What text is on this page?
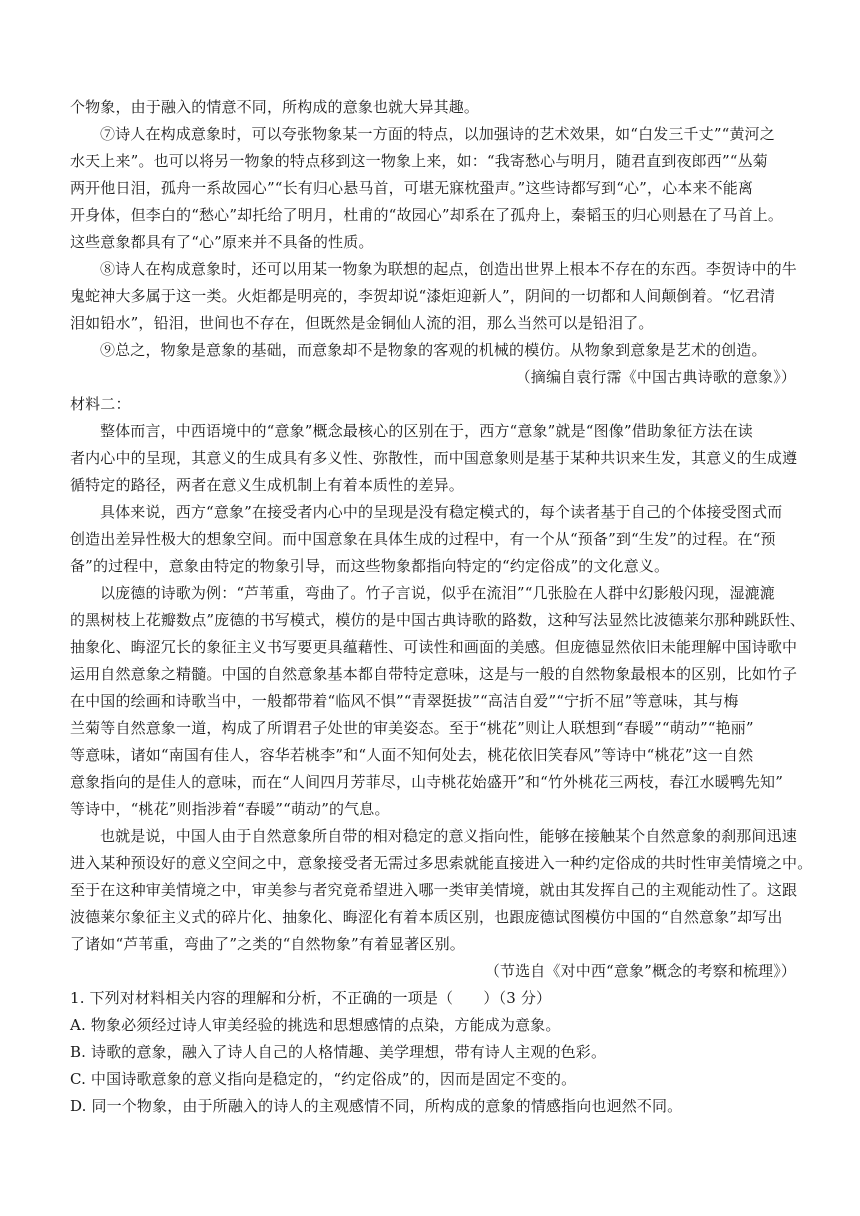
个物象，由于融入的情意不同，所构成的意象也就大异其趣。
⑦诗人在构成意象时，可以夸张物象某一方面的特点，以加强诗的艺术效果，如“白发三千丈”“黄河之
水天上来”。也可以将另一物象的特点移到这一物象上来，如：“我寄愁心与明月，随君直到夜郎西”“丛菊
两开他日泪，孤舟一系故园心”“长有归心悬马首，可堪无寐枕蛩声。”这些诗都写到“心”，心本来不能离
开身体，但李白的“愁心”却托给了明月，杜甫的“故园心”却系在了孤舟上，秦韬玉的归心则悬在了马首上。
这些意象都具有了“心”原来并不具备的性质。
⑧诗人在构成意象时，还可以用某一物象为联想的起点，创造出世界上根本不存在的东西。李贺诗中的牛
鬼蛇神大多属于这一类。火炬都是明亮的，李贺却说“漆炬迎新人”，阴间的一切都和人间颠倒着。“忆君清
泪如铅水”，铅泪，世间也不存在，但既然是金铜仙人流的泪，那么当然可以是铅泪了。
⑨总之，物象是意象的基础，而意象却不是物象的客观的机械的模仿。从物象到意象是艺术的创造。
（摘编自袁行霈《中国古典诗歌的意象》）
材料二：
整体而言，中西语境中的“意象”概念最核心的区别在于，西方“意象”就是“图像”借助象征方法在读
者内心中的呈现，其意义的生成具有多义性、弥散性，而中国意象则是基于某种共识来生发，其意义的生成遵
循特定的路径，两者在意义生成机制上有着本质性的差异。
具体来说，西方“意象”在接受者内心中的呈现是没有稳定模式的，每个读者基于自己的个体接受图式而
创造出差异性极大的想象空间。而中国意象在具体生成的过程中，有一个从“预备”到“生发”的过程。在“预
备”的过程中，意象由特定的物象引导，而这些物象都指向特定的“约定俗成”的文化意义。
以庞德的诗歌为例：“芦苇重，弯曲了。竹子言说，似乎在流泪”“几张脸在人群中幻影般闪现，湿漉漉
的黑树枝上花瓣数点”庞德的书写模式，模仿的是中国古典诗歌的路数，这种写法显然比波德莱尔那种跳跃性、
抽象化、晦涩冗长的象征主义书写要更具蕴藉性、可读性和画面的美感。但庞德显然依旧未能理解中国诗歌中
运用自然意象之精髓。中国的自然意象基本都自带特定意味，这是与一般的自然物象最根本的区别，比如竹子
在中国的绘画和诗歌当中，一般都带着“临风不惧”“青翠挺拔”“高洁自爱”“宁折不屈”等意味，其与梅
兰菊等自然意象一道，构成了所谓君子处世的审美姿态。至于“桃花”则让人联想到“春暖”“萌动”“艳丽”
等意味，诸如“南国有佳人，容华若桃李”和“人面不知何处去，桃花依旧笑春风”等诗中“桃花”这一自然
意象指向的是佳人的意味，而在“人间四月芳菲尽，山寺桃花始盛开”和“竹外桃花三两枝，春江水暖鸭先知”
等诗中，“桃花”则指涉着“春暖”“萌动”的气息。
也就是说，中国人由于自然意象所自带的相对稳定的意义指向性，能够在接触某个自然意象的刹那间迅速
进入某种预设好的意义空间之中，意象接受者无需过多思索就能直接进入一种约定俗成的共时性审美情境之中。
至于在这种审美情境之中，审美参与者究竟希望进入哪一类审美情境，就由其发挥自己的主观能动性了。这跟
波德莱尔象征主义式的碎片化、抽象化、晦涩化有着本质区别，也跟庞德试图模仿中国的“自然意象”却写出
了诸如“芦苇重，弯曲了”之类的“自然物象”有着显著区别。
（节选自《对中西“意象”概念的考察和梳理》）
1. 下列对材料相关内容的理解和分析，不正确的一项是（　　）（3 分）
A. 物象必须经过诗人审美经验的挑选和思想感情的点染，方能成为意象。
B. 诗歌的意象，融入了诗人自己的人格情趣、美学理想，带有诗人主观的色彩。
C. 中国诗歌意象的意义指向是稳定的，“约定俗成”的，因而是固定不变的。
D. 同一个物象，由于所融入的诗人的主观感情不同，所构成的意象的情感指向也迥然不同。
